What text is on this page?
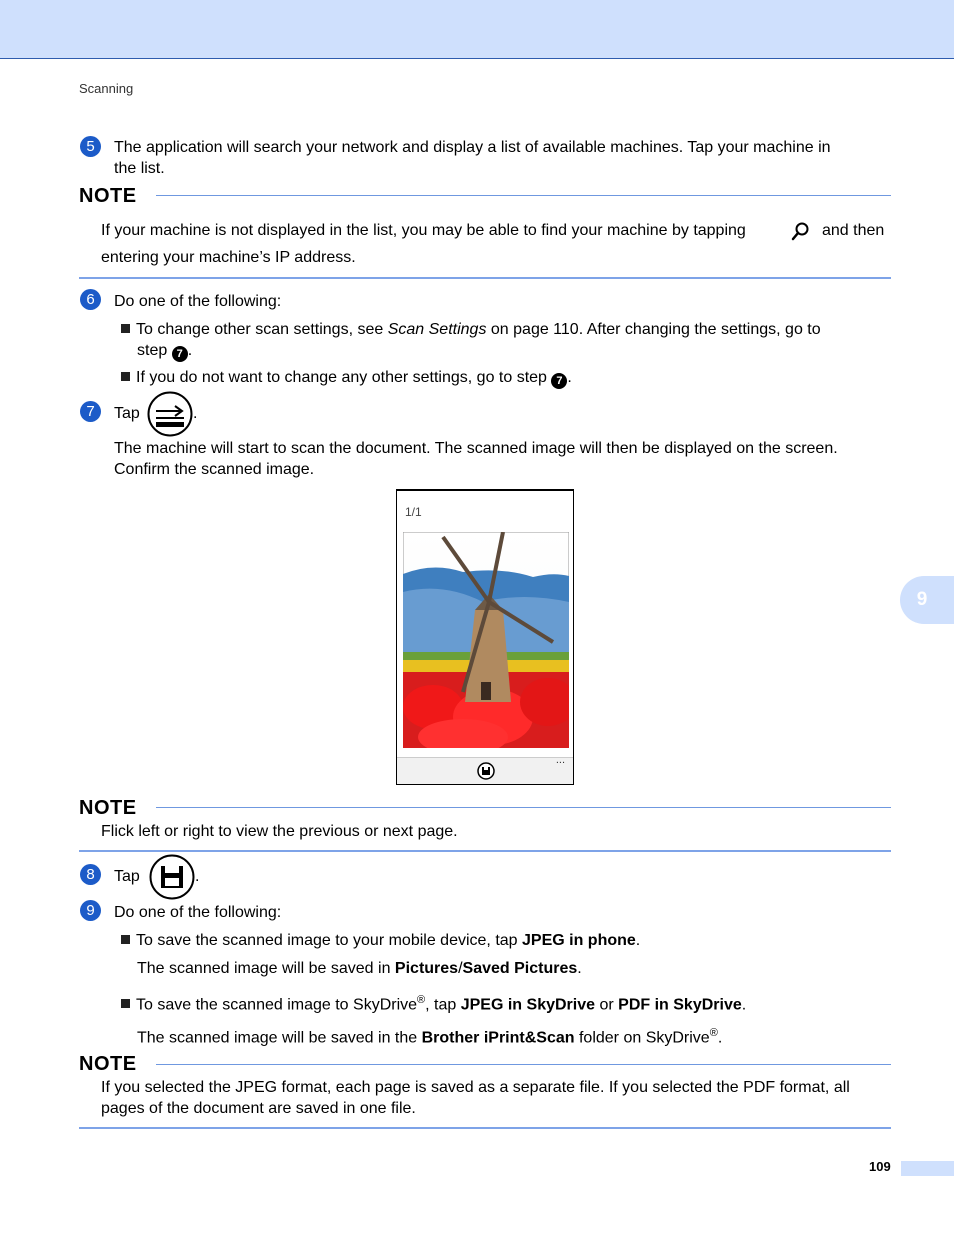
Scanning
9
5	The application will search your network and display a list of available machines. Tap your machine in
the list.
NOTE
If your machine is not displayed in the list, you may be able to find your machine by tapping	and then
entering your machine’s IP address.
6	Do one of the following:
To change other scan settings, see Scan Settings on page 110. After changing the settings, go to
step 7 .
If you do not want to change any other settings, go to step 7 .
7	Tap	.
The machine will start to scan the document. The scanned image will then be displayed on the screen.
Confirm the scanned image.
1/1
...
NOTE
Flick left or right to view the previous or next page.
8	Tap	.
9	Do one of the following:
To save the scanned image to your mobile device, tap JPEG in phone.
The scanned image will be saved in Pictures/Saved Pictures.
To save the scanned image to SkyDrive®, tap JPEG in SkyDrive or PDF in SkyDrive.
The scanned image will be saved in the Brother iPrint&Scan folder on SkyDrive®.
NOTE
If you selected the JPEG format, each page is saved as a separate file. If you selected the PDF format, all
pages of the document are saved in one file.
109
